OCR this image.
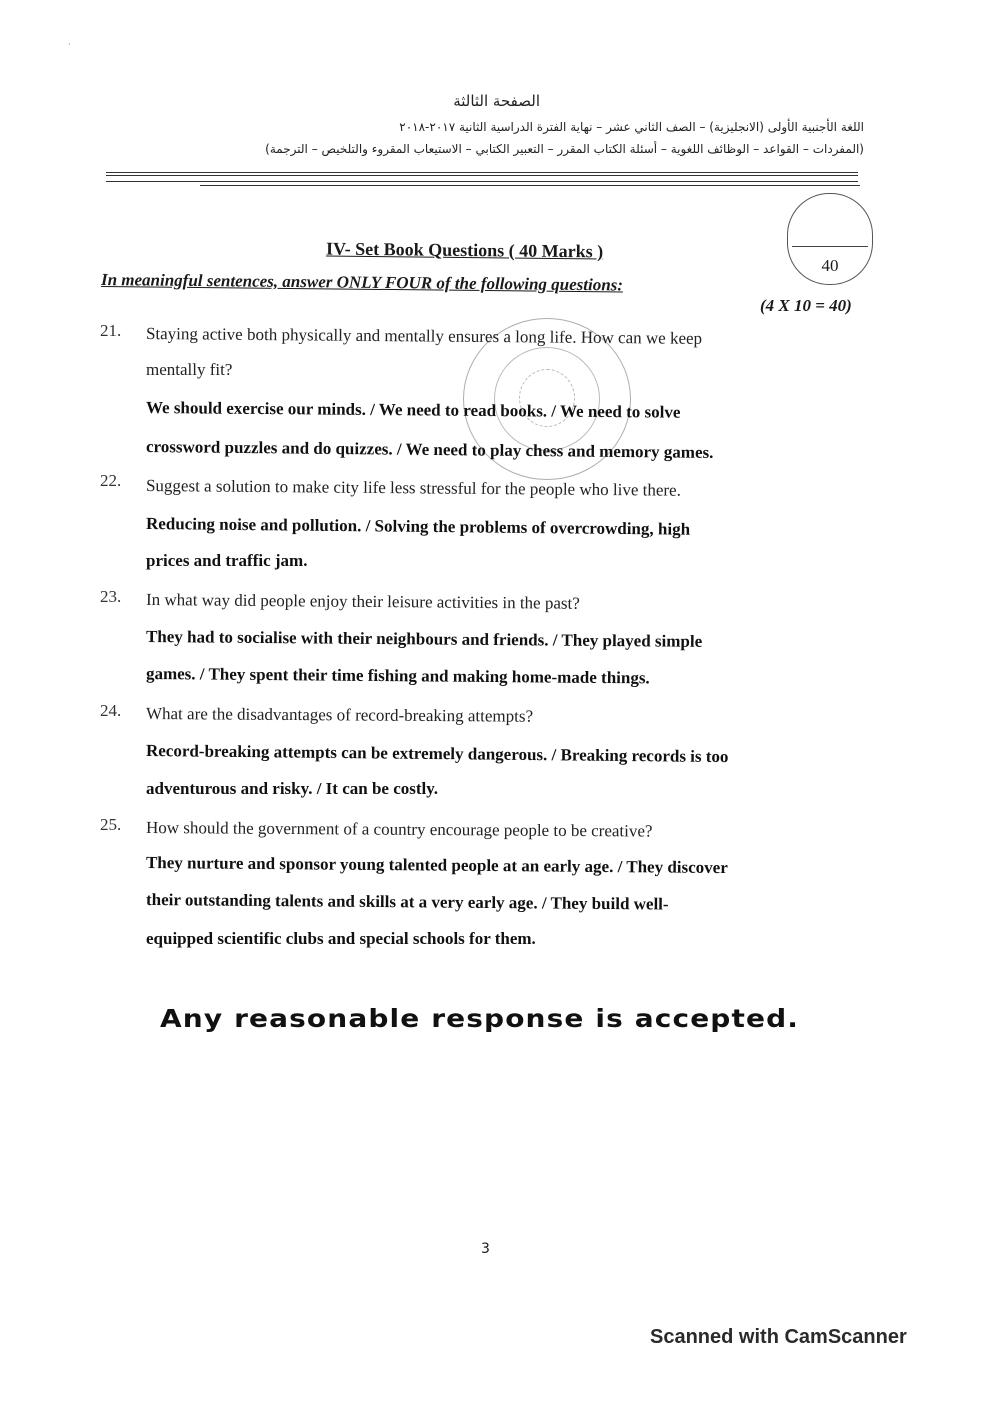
·
الصفحة الثالثة
اللغة الأجنبية الأولى (الانجليزية) – الصف الثاني عشر – نهاية الفترة الدراسية الثانية ٢٠١٧-٢٠١٨
(المفردات – القواعد – الوظائف اللغوية – أسئلة الكتاب المقرر – التعبير الكتابي – الاستيعاب المقروء والتلخيص – الترجمة)
40
IV- Set Book Questions ( 40 Marks )
In meaningful sentences, answer ONLY FOUR of the following questions:
(4 X 10 = 40)
21. Staying active both physically and mentally ensures a long life. How can we keep
mentally fit?
We should exercise our minds. / We need to read books. / We need to solve
crossword puzzles and do quizzes. / We need to play chess and memory games.
22. Suggest a solution to make city life less stressful for the people who live there.
Reducing noise and pollution. / Solving the problems of overcrowding, high
prices and traffic jam.
23. In what way did people enjoy their leisure activities in the past?
They had to socialise with their neighbours and friends. / They played simple
games. / They spent their time fishing and making home-made things.
24. What are the disadvantages of record-breaking attempts?
Record-breaking attempts can be extremely dangerous. / Breaking records is too
adventurous and risky. / It can be costly.
25. How should the government of a country encourage people to be creative?
They nurture and sponsor young talented people at an early age. / They discover
their outstanding talents and skills at a very early age. / They build well-
equipped scientific clubs and special schools for them.
Any reasonable response is accepted.
3
Scanned with CamScanner
